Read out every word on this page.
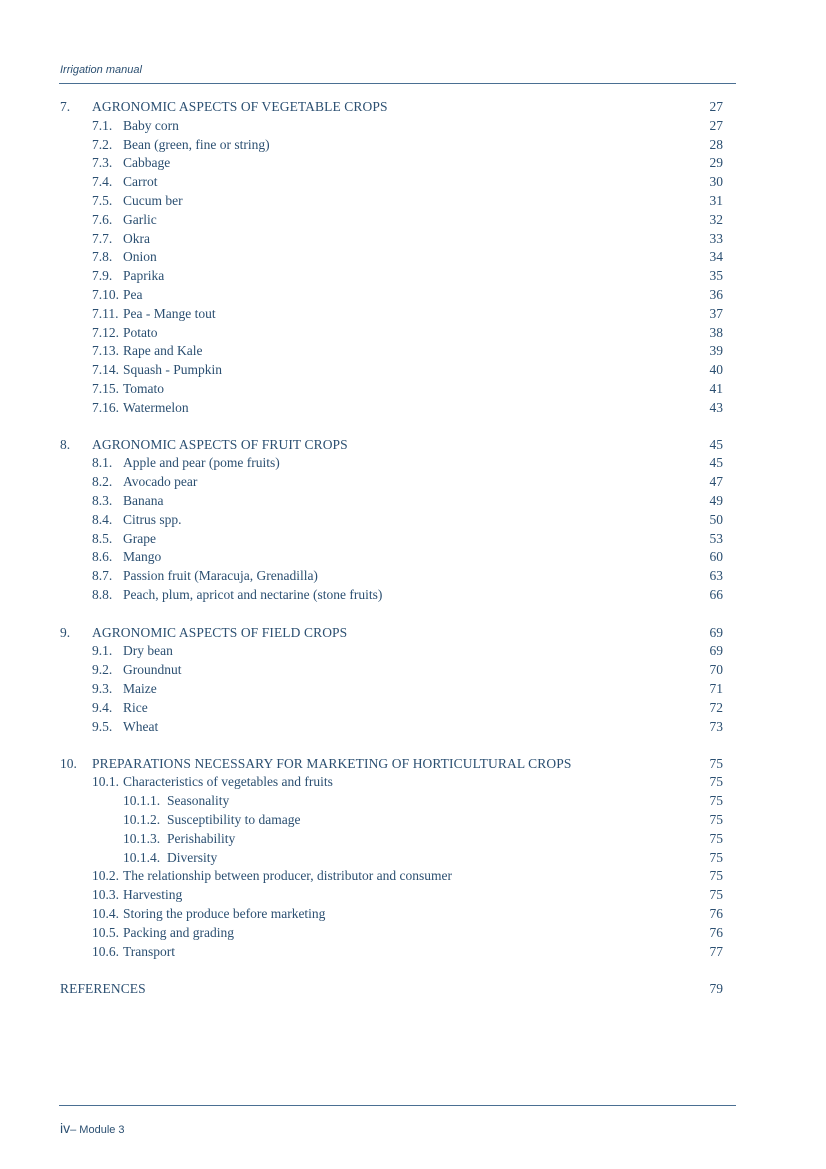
Irrigation manual
7. AGRONOMIC ASPECTS OF VEGETABLE CROPS	27
7.1. Baby corn	27
7.2. Bean (green, fine or string)	28
7.3. Cabbage	29
7.4. Carrot	30
7.5. Cucum ber	31
7.6. Garlic	32
7.7. Okra	33
7.8. Onion	34
7.9. Paprika	35
7.10. Pea	36
7.11. Pea - Mange tout	37
7.12. Potato	38
7.13. Rape and Kale	39
7.14. Squash - Pumpkin	40
7.15. Tomato	41
7.16. Watermelon	43
8. AGRONOMIC ASPECTS OF FRUIT CROPS	45
8.1. Apple and pear (pome fruits)	45
8.2. Avocado pear	47
8.3. Banana	49
8.4. Citrus spp.	50
8.5. Grape	53
8.6. Mango	60
8.7. Passion fruit (Maracuja, Grenadilla)	63
8.8. Peach, plum, apricot and nectarine (stone fruits)	66
9. AGRONOMIC ASPECTS OF FIELD CROPS	69
9.1. Dry bean	69
9.2. Groundnut	70
9.3. Maize	71
9.4. Rice	72
9.5. Wheat	73
10. PREPARATIONS NECESSARY FOR MARKETING OF HORTICULTURAL CROPS	75
10.1. Characteristics of vegetables and fruits	75
10.1.1. Seasonality	75
10.1.2. Susceptibility to damage	75
10.1.3. Perishability	75
10.1.4. Diversity	75
10.2. The relationship between producer, distributor and consumer	75
10.3. Harvesting	75
10.4. Storing the produce before marketing	76
10.5. Packing and grading	76
10.6. Transport	77
REFERENCES	79
iv– Module 3
